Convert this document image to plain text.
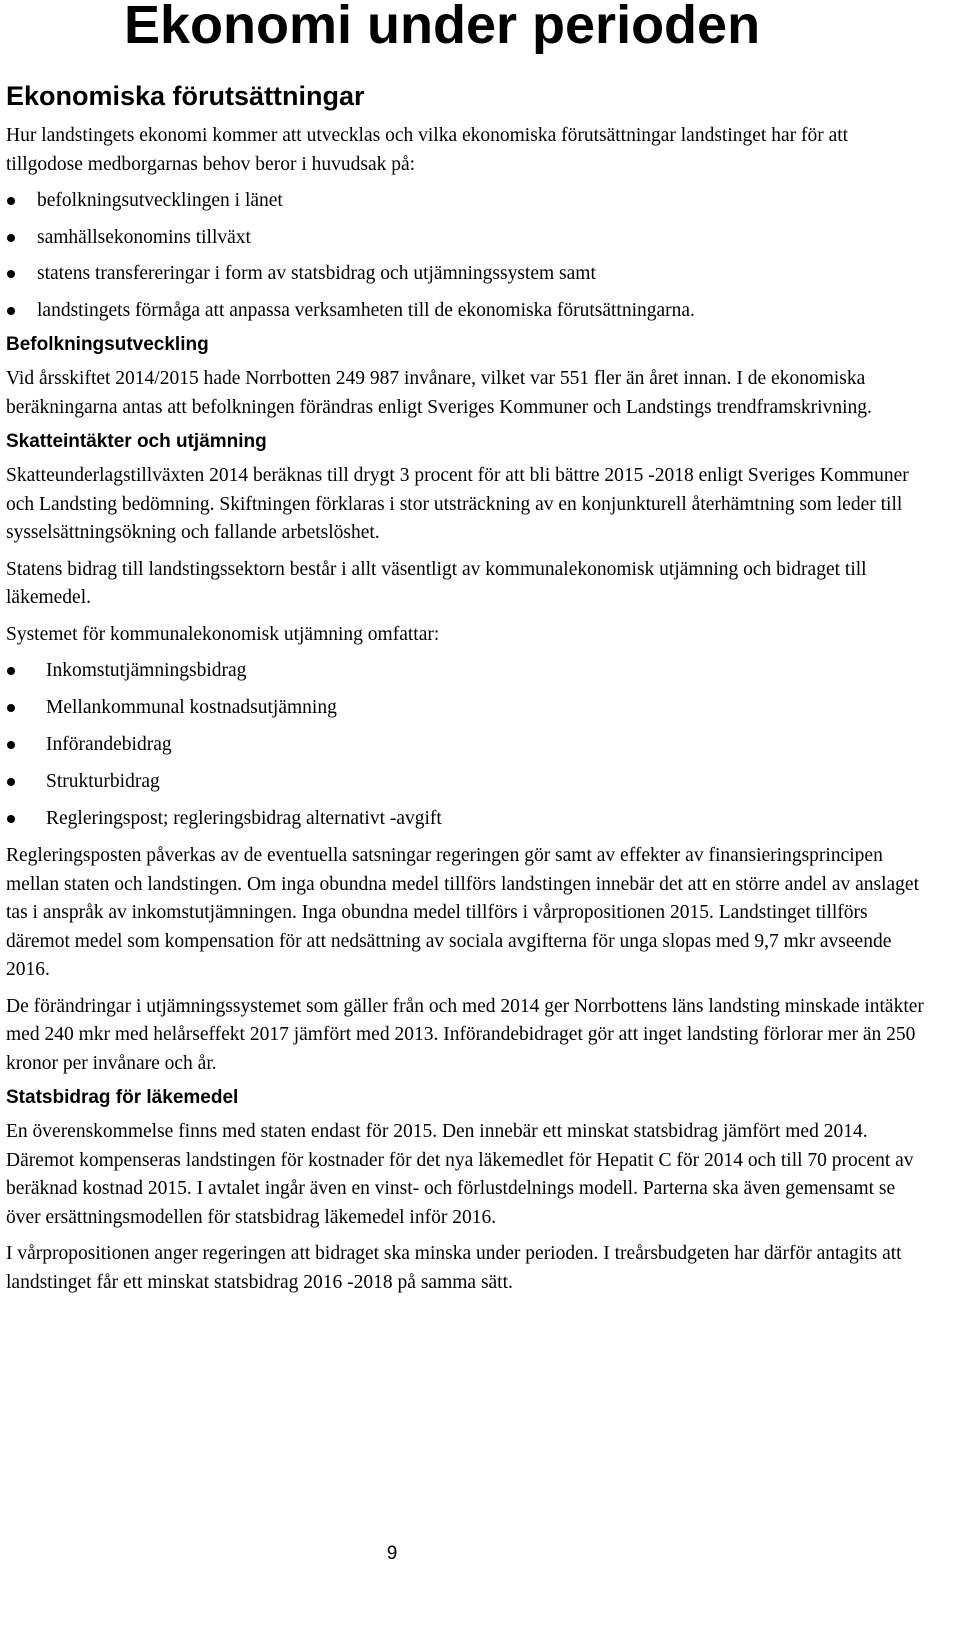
Ekonomi under perioden
Ekonomiska förutsättningar

Hur landstingets ekonomi kommer att utvecklas och vilka ekonomiska förutsättningar landstinget har för att tillgodose medborgarnas behov beror i huvudsak på:

befolkningsutvecklingen i länet
samhällsekonomins tillväxt
statens transfereringar i form av statsbidrag och utjämningssystem samt
landstingets förmåga att anpassa verksamheten till de ekonomiska förutsättningarna.
Befolkningsutveckling

Vid årsskiftet 2014/2015 hade Norrbotten 249 987 invånare, vilket var 551 fler än året innan. I de ekonomiska beräkningarna antas att befolkningen förändras enligt Sveriges Kommuner och Landstings trendframskrivning.

Skatteintäkter och utjämning

Skatteunderlagstillväxten 2014 beräknas till drygt 3 procent för att bli bättre 2015 -2018 enligt Sveriges Kommuner och Landsting bedömning. Skiftningen förklaras i stor utsträckning av en konjunkturell återhämtning som leder till sysselsättningsökning och fallande arbetslöshet.

Statens bidrag till landstingssektorn består i allt väsentligt av kommunalekonomisk utjämning och bidraget till läkemedel.

Systemet för kommunalekonomisk utjämning omfattar:

Inkomstutjämningsbidrag
Mellankommunal kostnadsutjämning
Införandebidrag
Strukturbidrag
Regleringspost; regleringsbidrag alternativt -avgift

Regleringsposten påverkas av de eventuella satsningar regeringen gör samt av effekter av finansieringsprincipen mellan staten och landstingen. Om inga obundna medel tillförs landstingen innebär det att en större andel av anslaget tas i anspråk av inkomstutjämningen. Inga obundna medel tillförs i vårpropositionen 2015. Landstinget tillförs däremot medel som kompensation för att nedsättning av sociala avgifterna för unga slopas med 9,7 mkr avseende 2016.

De förändringar i utjämningssystemet som gäller från och med 2014 ger Norrbottens läns landsting minskade intäkter med 240 mkr med helårseffekt 2017 jämfört med 2013. Införandebidraget gör att inget landsting förlorar mer än 250 kronor per invånare och år.

Statsbidrag för läkemedel

En överenskommelse finns med staten endast för 2015. Den innebär ett minskat statsbidrag jämfört med 2014. Däremot kompenseras landstingen för kostnader för det nya läkemedlet för Hepatit C för 2014 och till 70 procent av beräknad kostnad 2015. I avtalet ingår även en vinst- och förlustdelnings modell. Parterna ska även gemensamt se över ersättningsmodellen för statsbidrag läkemedel inför 2016.

I vårpropositionen anger regeringen att bidraget ska minska under perioden. I treårsbudgeten har därför antagits att landstinget får ett minskat statsbidrag 2016 -2018 på samma sätt.

9
